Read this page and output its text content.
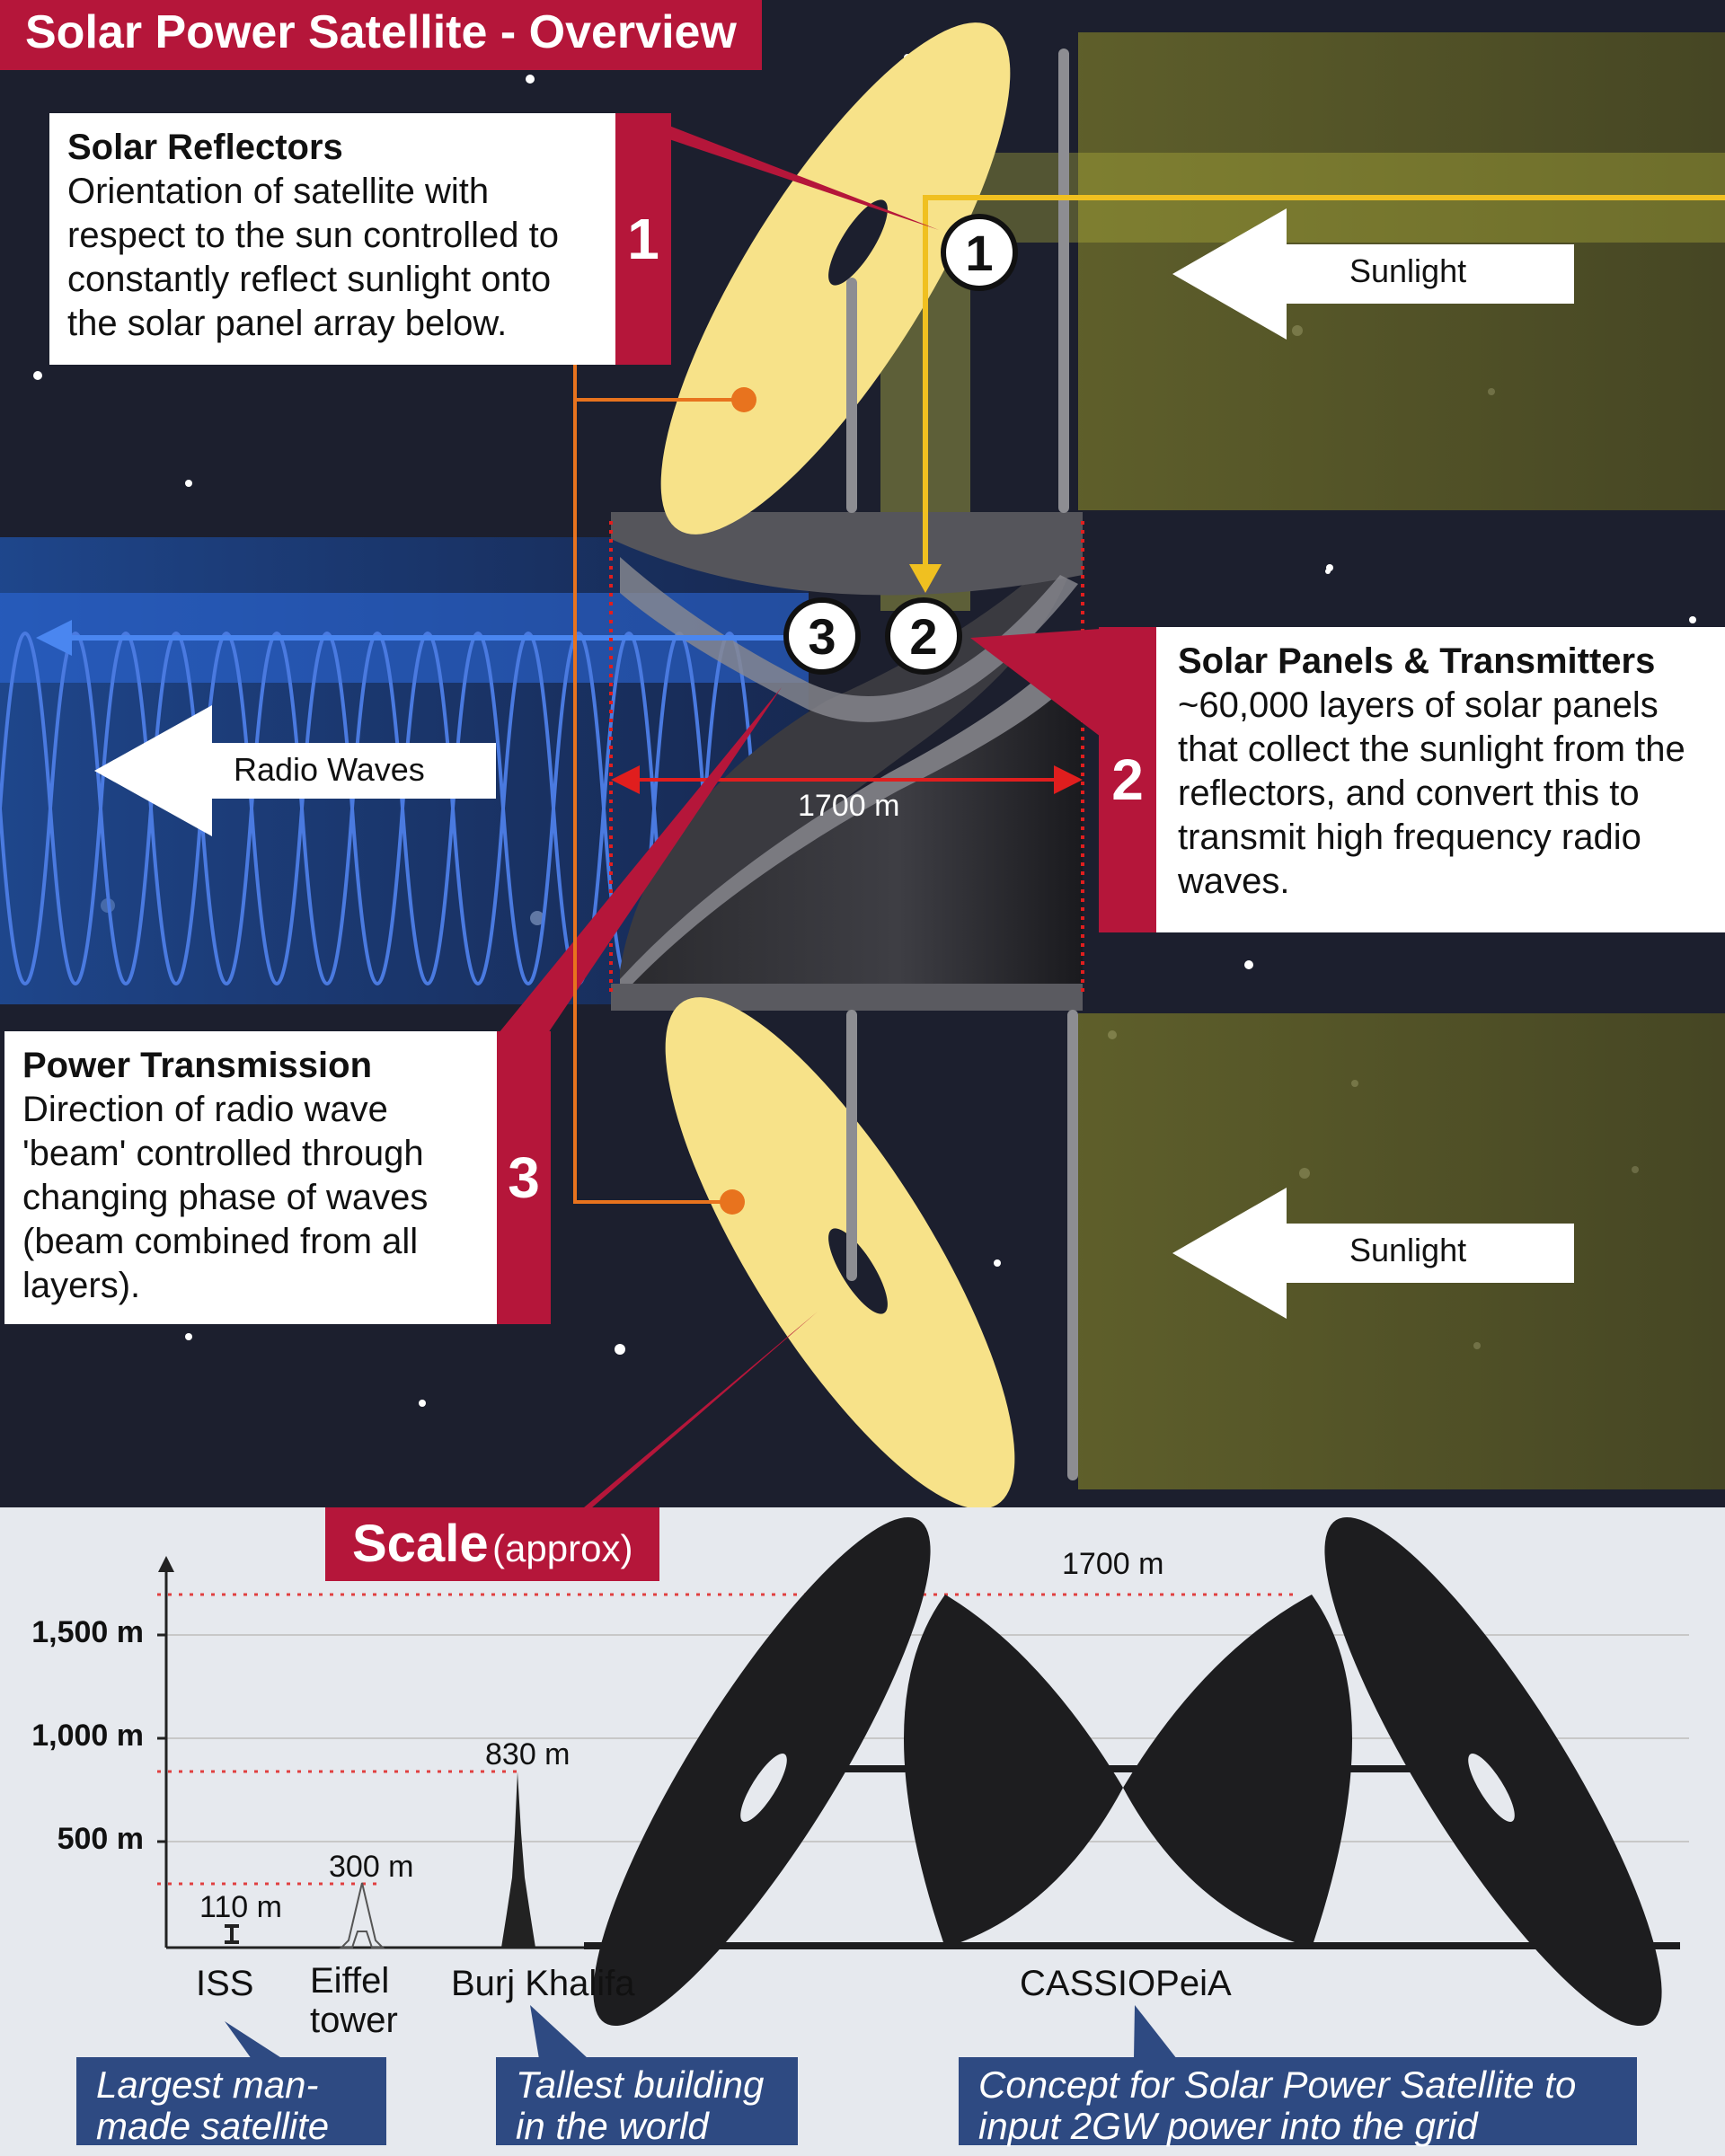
Solar Power Satellite - Overview
Solar Reflectors
Orientation of satellite with respect to the sun controlled to constantly reflect sunlight onto the solar panel array below.
1
2
Solar Panels & Transmitters
~60,000 layers of solar panels that collect the sunlight from the reflectors, and convert this to transmit high frequency radio waves.
Power Transmission
Direction of radio wave 'beam' controlled through changing phase of waves (beam combined from all layers).
3
Sunlight
Sunlight
Radio Waves
1
2
3
1700 m
Scale (approx)	1700 m
1,500 m
1,000 m
500 m
830 m
300 m
110 m
ISS Eiffel tower
Burj Khalifa	CASSIOPeiA
Largest man-made satellite
Tallest building in the world
Concept for Solar Power Satellite to input 2GW power into the grid
